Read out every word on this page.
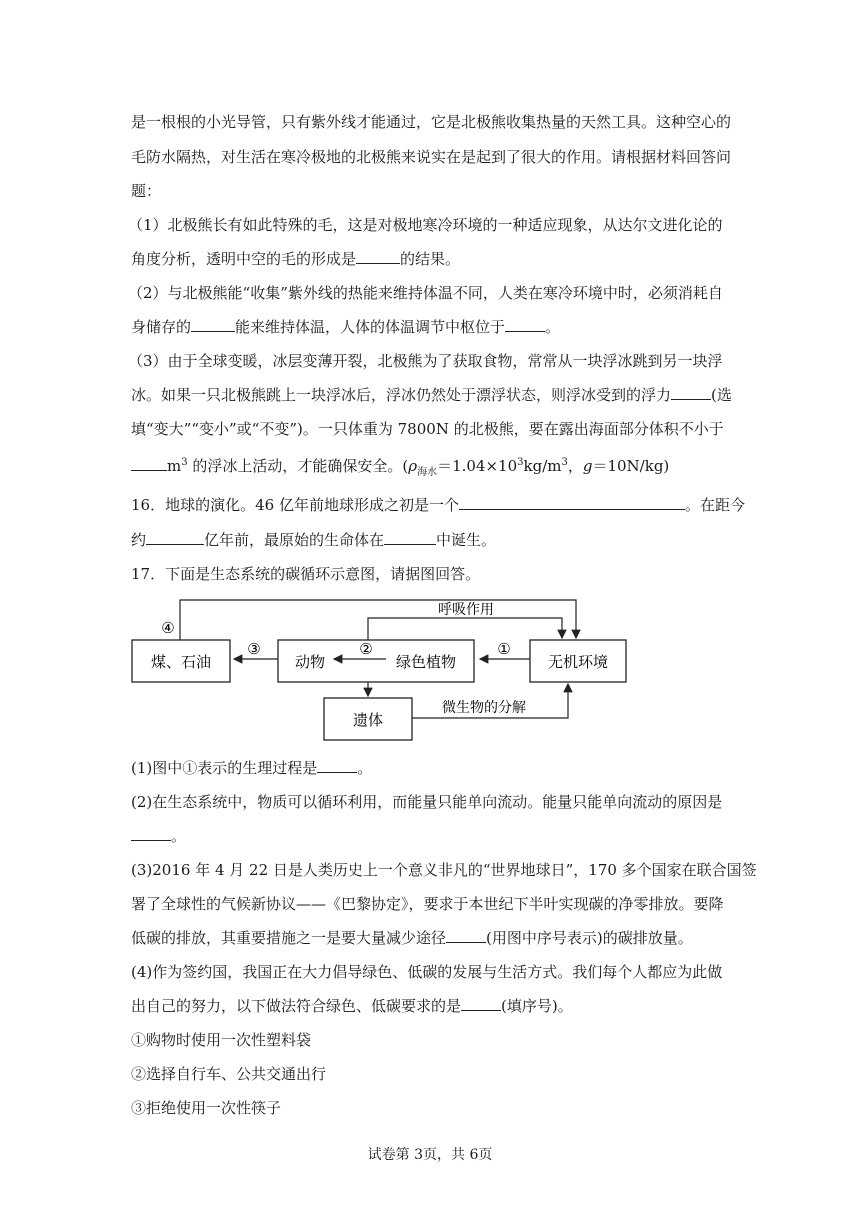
是一根根的小光导管，只有紫外线才能通过，它是北极熊收集热量的天然工具。这种空心的
毛防水隔热，对生活在寒冷极地的北极熊来说实在是起到了很大的作用。请根据材料回答问
题：
（1）北极熊长有如此特殊的毛，这是对极地寒冷环境的一种适应现象，从达尔文进化论的
角度分析，透明中空的毛的形成是	的结果。
（2）与北极熊能“收集”紫外线的热能来维持体温不同，人类在寒冷环境中时，必须消耗自
身储存的	能来维持体温，人体的体温调节中枢位于	。
（3）由于全球变暖，冰层变薄开裂，北极熊为了获取食物，常常从一块浮冰跳到另一块浮
冰。如果一只北极熊跳上一块浮冰后，浮冰仍然处于漂浮状态，则浮冰受到的浮力	(选
填“变大”“变小”或“不变”)。一只体重为 7800N 的北极熊，要在露出海面部分体积不小于
$m^3$ 的浮冰上活动，才能确保安全。($\rho_{海水}=1.04\times 10^3kg/m^3$，g＝10N/kg)
16．地球的演化。46 亿年前地球形成之初是一个	。在距今
约	亿年前，最原始的生命体在	中诞生。
17．下面是生态系统的碳循环示意图，请据图回答。
煤、石油	动物	绿色植物	无机环境
遗体
④
呼吸作用
①
②
③
微生物的分解
(1)图中①表示的生理过程是	。
(2)在生态系统中，物质可以循环利用，而能量只能单向流动。能量只能单向流动的原因是
。
(3)2016 年 4 月 22 日是人类历史上一个意义非凡的“世界地球日”，170 多个国家在联合国签
署了全球性的气候新协议——《巴黎协定》，要求于本世纪下半叶实现碳的净零排放。要降
低碳的排放，其重要措施之一是要大量减少途径	(用图中序号表示)的碳排放量。
(4)作为签约国，我国正在大力倡导绿色、低碳的发展与生活方式。我们每个人都应为此做
出自己的努力，以下做法符合绿色、低碳要求的是	(填序号)。
①购物时使用一次性塑料袋
②选择自行车、公共交通出行
③拒绝使用一次性筷子
试卷第 3页，共 6页
